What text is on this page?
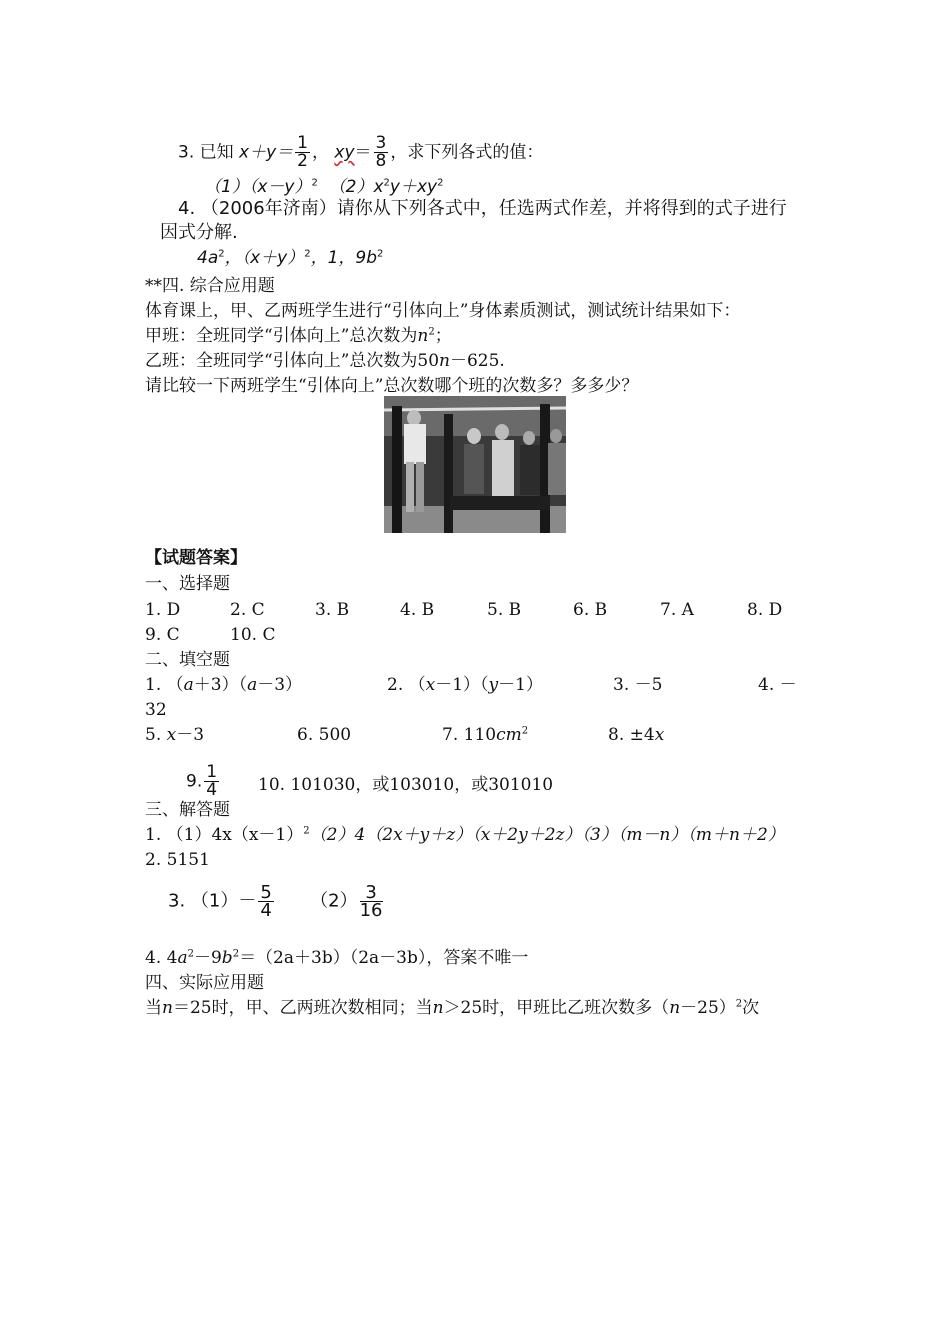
3. 已知 $x+y= \frac{1}{2}$ ， $xy= \frac{3}{8}$ ，求下列各式的值：
$(1)(x-y)^2$ $(2)x^2y+xy^2$
4. （2006年济南）请你从下列各式中，任选两式作差，并将得到的式子进行
因式分解.
$4a^2$，$(x+y)^2$，1，$9b^2$
**四. 综合应用题
体育课上，甲、乙两班学生进行“引体向上”身体素质测试，测试统计结果如下：
甲班：全班同学“引体向上”总次数为$n^2$；
乙班：全班同学“引体向上”总次数为50n－625.
请比较一下两班学生“引体向上”总次数哪个班的次数多？多多少？
【试题答案】
一、选择题
1. D	2. C	3. B	4. B	5. B	6. B	7. A	8. D
9. C	10. C
二、填空题
1. （a＋3）（a－3）	2. （x－1）（y－1）	3. －5	4. －
32
5. x－3	6. 500	7. $110cm^2$	8. ±4x
9. $\frac{1}{4} 10$. 101030，或103010，或301010
三、解答题
1. $(1)4x(x-1)^2(2)4(2x+y+z)(x+2y+2z)(3)(m-n)(m+n+2)$
2. 5151
3. $(1)- \frac{5}{4} (2) \frac{3}{16}$
4. $4a^2-9b^2=(2a+3b)(2a-3b)$，答案不唯一
四、实际应用题
当n＝25时，甲、乙两班次数相同；当n＞25时，甲班比乙班次数多$(n-25)^2$次
